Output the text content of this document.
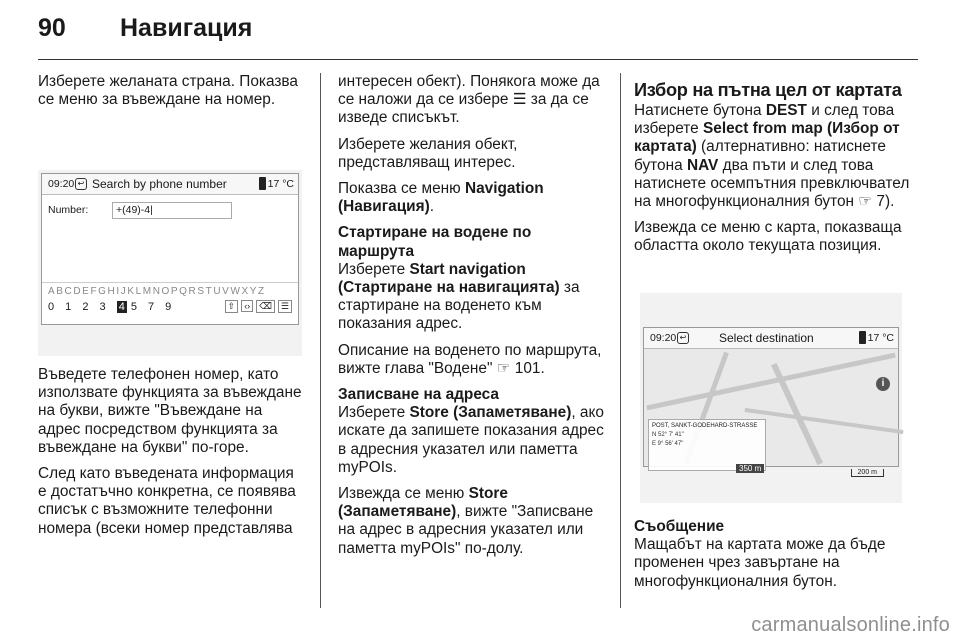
90 Навигация

Изберете желаната страна. Показва се меню за въвеждане на номер.

09:20 ↩ Search by phone number	17 °C
Number:	+(49)-4|
ABCDEFGHIJKLMNOPQRSTUVWXYZ
0 1 2 3 4 5 7 9	⇧ ‹› ⌫ ☰

Въведете телефонен номер, като използвате функцията за въвеждане на букви, вижте "Въвеждане на адрес посредством функцията за въвеждане на букви" по-горе.

След като въведената информация е достатъчно конкретна, се появява списък с възможните телефонни номера (всеки номер представлява

интересен обект). Понякога може да се наложи да се избере ☰ за да се изведе списъкът.

Изберете желания обект, представляващ интерес.

Показва се меню Navigation (Навигация).

Стартиране на водене по маршрута

Изберете Start navigation (Стартиране на навигацията) за стартиране на воденето към показания адрес.

Описание на воденето по маршрута, вижте глава "Водене" ☞ 101.

Записване на адреса

Изберете Store (Запаметяване), ако искате да запишете показания адрес в адресния указател или паметта myPOIs.

Извежда се меню Store (Запаметяване), вижте "Записване на адрес в адресния указател или паметта myPOIs" по-долу.

Избор на пътна цел от картата

Натиснете бутона DEST и след това изберете Select from map (Избор от картата) (алтернативно: натиснете бутона NAV два пъти и след това натиснете осемпътния превключвател на многофункционалния бутон ☞ 7).

Извежда се меню с карта, показваща областта около текущата позиция.

09:20 ↩	Select destination	17 °C
i
POST, SANKT-GODEHARD-STRASSE
N 52° 7' 41"
E 9° 56' 47"
350 m	200 m

Съобщение

Мащабът на картата може да бъде променен чрез завъртане на многофункционалния бутон.

carmanualsonline.info
